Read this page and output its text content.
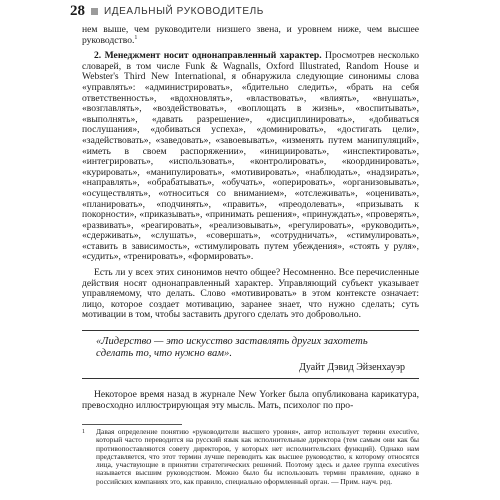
28 ИДЕАЛЬНЫЙ РУКОВОДИТЕЛЬ

нем выше, чем руководители низшего звена, и уровнем ниже, чем высшее руководство.$^1$

2. Менеджмент носит однонаправленный характер. Просмотрев несколько словарей, в том числе Funk & Wagnalls, Oxford Illustrated, Random House и Webster's Third New International, я обнаружила следующие синонимы слова «управлять»: «администрировать», «бдительно следить», «брать на себя ответственность», «вдохновлять», «властвовать», «влиять», «внушать», «возглавлять», «воздействовать», «воплощать в жизнь», «воспитывать», «выполнять», «давать разрешение», «дисциплинировать», «добиваться послушания», «добиваться успеха», «доминировать», «достигать цели», «задействовать», «заведовать», «завоевывать», «изменять путем манипуляций», «иметь в своем распоряжении», «инициировать», «инспектировать», «интегрировать», «использовать», «контролировать», «координировать», «курировать», «манипулировать», «мотивировать», «наблюдать», «надзирать», «направлять», «обрабатывать», «обучать», «оперировать», «организовывать», «осуществлять», «относиться со вниманием», «отслеживать», «оценивать», «планировать», «подчинять», «править», «преодолевать», «призывать к покорности», «приказывать», «принимать решения», «принуждать», «проверять», «развивать», «реагировать», «реализовывать», «регулировать», «руководить», «сдерживать», «слушать», «совершать», «сотрудничать», «стимулировать», «ставить в зависимость», «стимулировать путем убеждения», «стоять у руля», «судить», «тренировать», «формировать».

Есть ли у всех этих синонимов нечто общее? Несомненно. Все перечисленные действия носят однонаправленный характер. Управляющий субъект указывает управляемому, что делать. Слово «мотивировать» в этом контексте означает: лицо, которое создает мотивацию, заранее знает, что нужно сделать; суть мотивации в том, чтобы заставить другого сделать это добровольно.

«Лидерство — это искусство заставлять других захотеть сделать то, что нужно вам».
Дуайт Дэвид Эйзенхауэр

Некоторое время назад в журнале New Yorker была опубликована карикатура, превосходно иллюстрирующая эту мысль. Мать, психолог по про-

1	Давая определение понятию «руководители высшего уровня», автор использует термин executive, который часто переводится на русский язык как исполнительные директора (тем самым они как бы противопоставляются совету директоров, у которых нет исполнительских функций). Однако нам представляется, что этот термин лучше переводить как высшее руководство, к которому относятся лица, участвующие в принятии стратегических решений. Поэтому здесь и далее группа executives называется высшим руководством. Можно было бы использовать термин правление, однако в российских компаниях это, как правило, специально оформленный орган. — Прим. науч. ред.
